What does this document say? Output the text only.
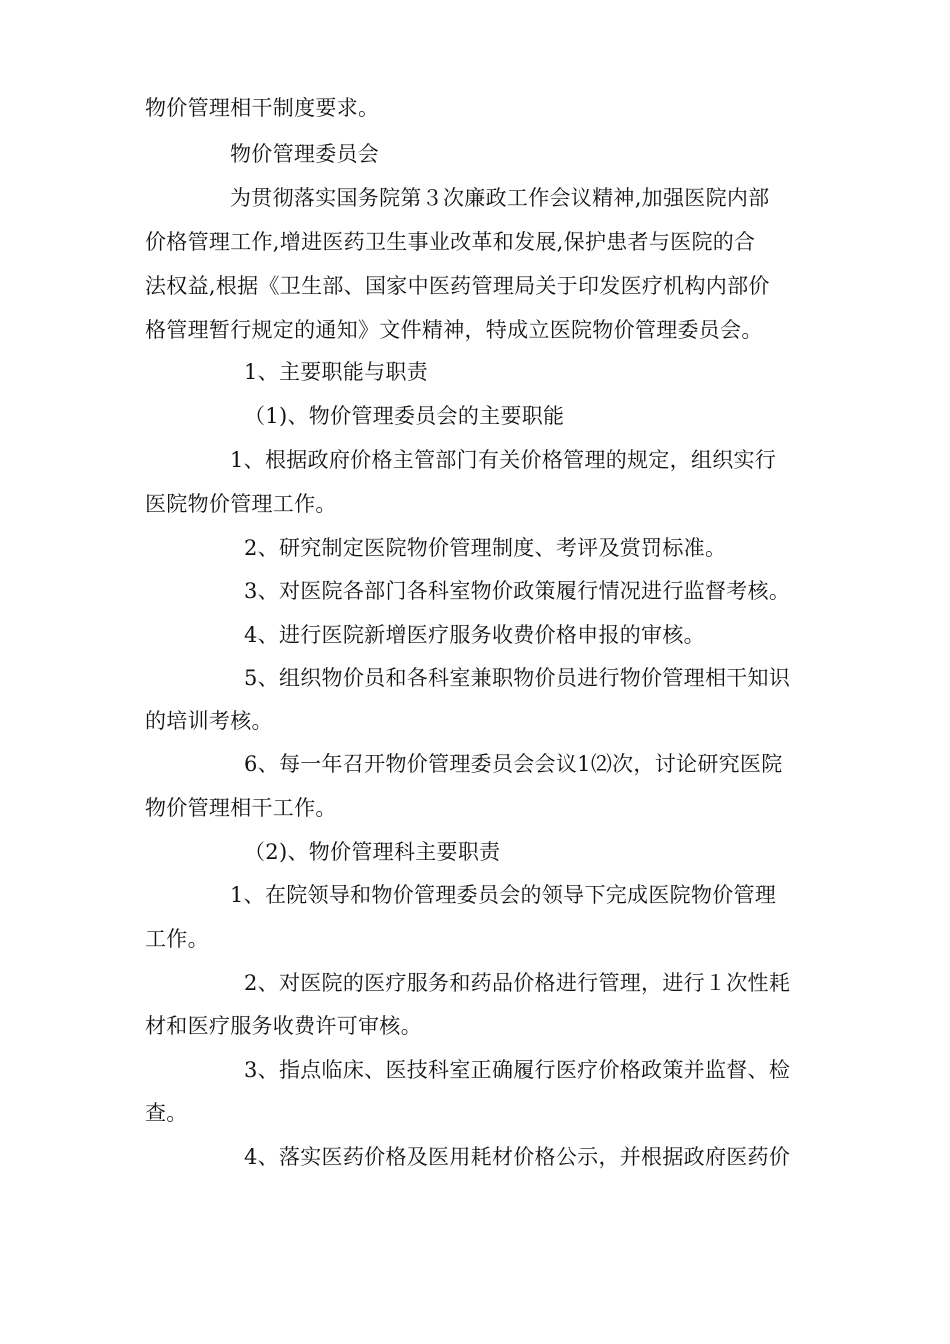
物价管理相干制度要求。
物价管理委员会
为贯彻落实国务院第３次廉政工作会议精神,加强医院内部
价格管理工作,增进医药卫生事业改革和发展,保护患者与医院的合
法权益,根据《卫生部、国家中医药管理局关于印发医疗机构内部价
格管理暂行规定的通知》文件精神，特成立医院物价管理委员会。
1、主要职能与职责
（1)、物价管理委员会的主要职能
1、根据政府价格主管部门有关价格管理的规定，组织实行
医院物价管理工作。
2、研究制定医院物价管理制度、考评及赏罚标准。
3、对医院各部门各科室物价政策履行情况进行监督考核。
4、进行医院新增医疗服务收费价格申报的审核。
5、组织物价员和各科室兼职物价员进行物价管理相干知识
的培训考核。
6、每一年召开物价管理委员会会议1⑵次，讨论研究医院
物价管理相干工作。
（2)、物价管理科主要职责
1、在院领导和物价管理委员会的领导下完成医院物价管理
工作。
2、对医院的医疗服务和药品价格进行管理，进行１次性耗
材和医疗服务收费许可审核。
3、指点临床、医技科室正确履行医疗价格政策并监督、检
查。
4、落实医药价格及医用耗材价格公示，并根据政府医药价
